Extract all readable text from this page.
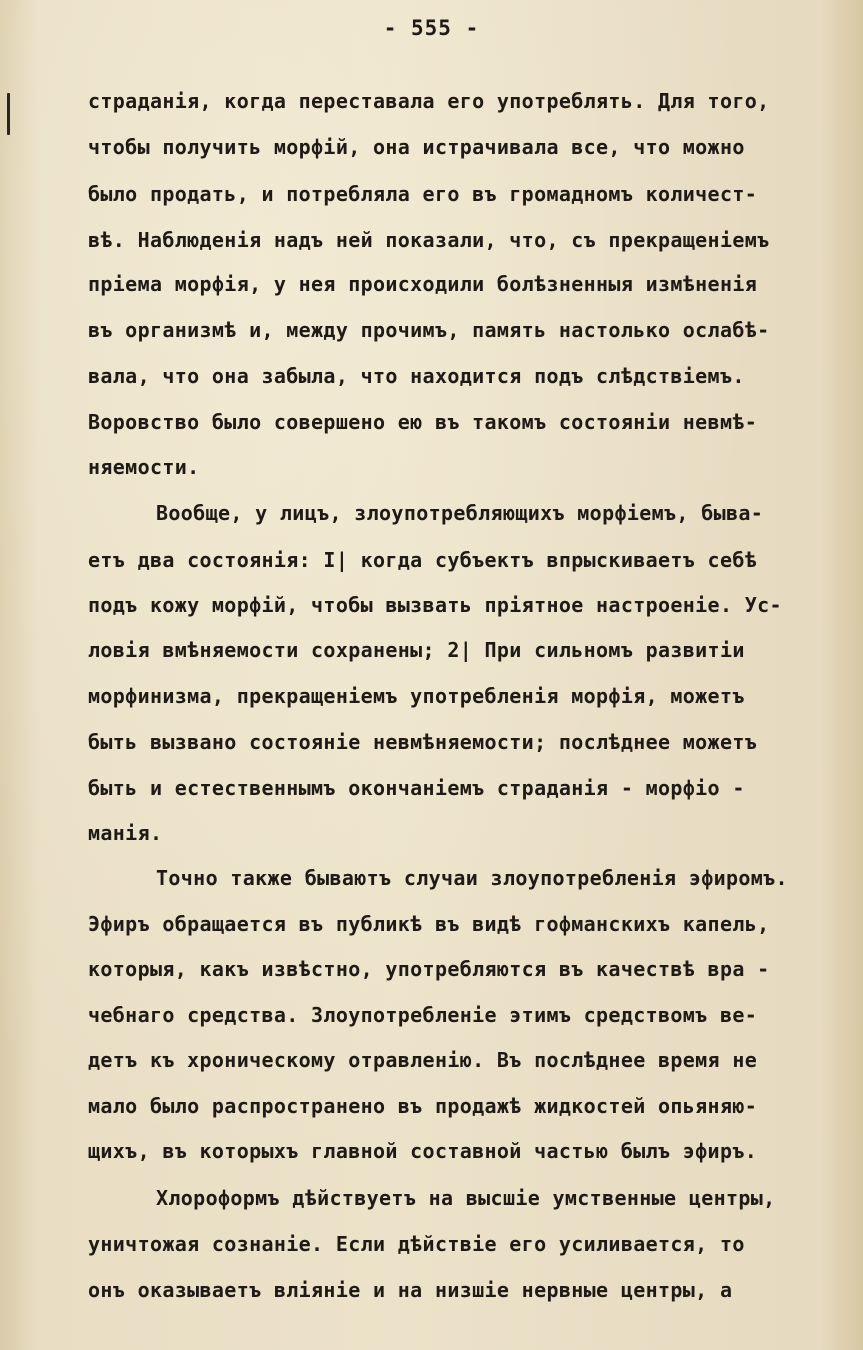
- 555 -
страданія, когда переставала его употреблять. Для того,
чтобы получить морфій, она истрачивала все, что можно
было продать, и потребляла его въ громадномъ количест-
вѣ. Наблюденія надъ ней показали, что, съ прекращеніемъ
пріема морфія, у нея происходили болѣзненныя измѣненія
въ организмѣ и, между прочимъ, память настолько ослабѣ-
вала, что она забыла, что находится подъ слѣдствіемъ.
Воровство было совершено ею въ такомъ состояніи невмѣ-
няемости.
Вообще, у лицъ, злоупотребляющихъ морфіемъ, быва-
етъ два состоянія: I| когда субъектъ впрыскиваетъ себѣ
подъ кожу морфій, чтобы вызвать пріятное настроеніе. Ус-
ловія вмѣняемости сохранены; 2| При сильномъ развитіи
морфинизма, прекращеніемъ употребленія морфія, можетъ
быть вызвано состояніе невмѣняемости; послѣднее можетъ
быть и естественнымъ окончаніемъ страданія - морфіо -
манія.
Точно также бываютъ случаи злоупотребленія эфиромъ.
Эфиръ обращается въ публикѣ въ видѣ гофманскихъ капель,
которыя, какъ извѣстно, употребляются въ качествѣ вра -
чебнаго средства. Злоупотребленіе этимъ средствомъ ве-
детъ къ хроническому отравленію. Въ послѣднее время не
мало было распространено въ продажѣ жидкостей опьяняю-
щихъ, въ которыхъ главной составной частью былъ эфиръ.
Хлороформъ дѣйствуетъ на высшіе умственные центры,
уничтожая сознаніе. Если дѣйствіе его усиливается, то
онъ оказываетъ вліяніе и на низшіе нервные центры, а
